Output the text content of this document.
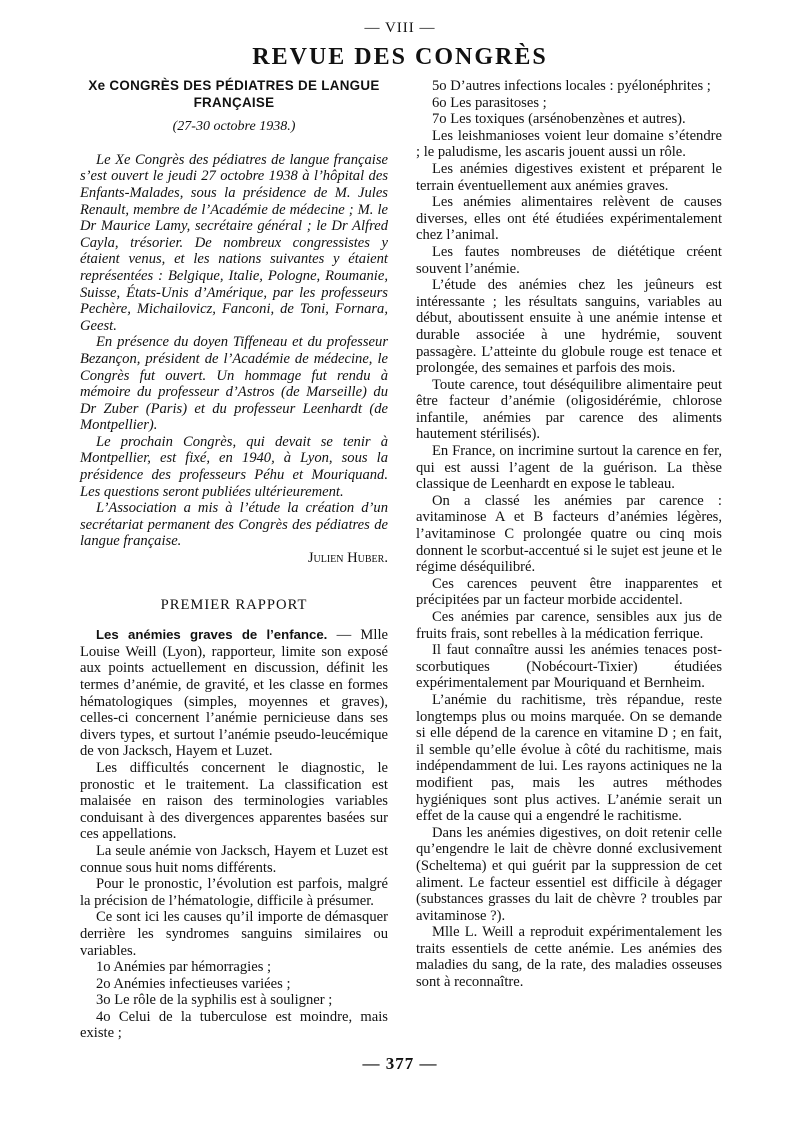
— VIII —
REVUE DES CONGRÈS
Xe CONGRÈS DES PÉDIATRES DE LANGUE FRANÇAISE
(27-30 octobre 1938.)

Le Xe Congrès des pédiatres de langue française s’est ouvert le jeudi 27 octobre 1938 à l’hôpital des Enfants-Malades, sous la présidence de M. Jules Renault, membre de l’Académie de médecine ; M. le Dr Maurice Lamy, secrétaire général ; le Dr Alfred Cayla, trésorier. De nombreux congressistes y étaient venus, et les nations suivantes y étaient représentées : Belgique, Italie, Pologne, Roumanie, Suisse, États-Unis d’Amérique, par les professeurs Pechère, Michailovicz, Fanconi, de Toni, Fornara, Geest.

En présence du doyen Tiffeneau et du professeur Bezançon, président de l’Académie de médecine, le Congrès fut ouvert. Un hommage fut rendu à mémoire du professeur d’Astros (de Marseille) du Dr Zuber (Paris) et du professeur Leenhardt (de Montpellier).

Le prochain Congrès, qui devait se tenir à Montpellier, est fixé, en 1940, à Lyon, sous la présidence des professeurs Péhu et Mouriquand. Les questions seront publiées ultérieurement.

L’Association a mis à l’étude la création d’un secrétariat permanent des Congrès des pédiatres de langue française.

Julien Huber.

PREMIER RAPPORT

Les anémies graves de l’enfance. — Mlle Louise Weill (Lyon), rapporteur, limite son exposé aux points actuellement en discussion, définit les termes d’anémie, de gravité, et les classe en formes hématologiques (simples, moyennes et graves), celles-ci concernent l’anémie pernicieuse dans ses divers types, et surtout l’anémie pseudo-leucémique de von Jacksch, Hayem et Luzet.

Les difficultés concernent le diagnostic, le pronostic et le traitement. La classification est malaisée en raison des terminologies variables conduisant à des divergences apparentes basées sur ces appellations.

La seule anémie von Jacksch, Hayem et Luzet est connue sous huit noms différents.

Pour le pronostic, l’évolution est parfois, malgré la précision de l’hématologie, difficile à présumer.

Ce sont ici les causes qu’il importe de démasquer derrière les syndromes sanguins similaires ou variables.

1o Anémies par hémorragies ;

2o Anémies infectieuses variées ;

3o Le rôle de la syphilis est à souligner ;

4o Celui de la tuberculose est moindre, mais existe ;

5o D’autres infections locales : pyélonéphrites ;

6o Les parasitoses ;

7o Les toxiques (arsénobenzènes et autres).

Les leishmanioses voient leur domaine s’étendre ; le paludisme, les ascaris jouent aussi un rôle.

Les anémies digestives existent et préparent le terrain éventuellement aux anémies graves.

Les anémies alimentaires relèvent de causes diverses, elles ont été étudiées expérimentalement chez l’animal.

Les fautes nombreuses de diététique créent souvent l’anémie.

L’étude des anémies chez les jeûneurs est intéressante ; les résultats sanguins, variables au début, aboutissent ensuite à une anémie intense et durable associée à une hydrémie, souvent passagère. L’atteinte du globule rouge est tenace et prolongée, des semaines et parfois des mois.

Toute carence, tout déséquilibre alimentaire peut être facteur d’anémie (oligosidérémie, chlorose infantile, anémies par carence des aliments hautement stérilisés).

En France, on incrimine surtout la carence en fer, qui est aussi l’agent de la guérison. La thèse classique de Leenhardt en expose le tableau.

On a classé les anémies par carence : avitaminose A et B facteurs d’anémies légères, l’avitaminose C prolongée quatre ou cinq mois donnent le scorbut-accentué si le sujet est jeune et le régime déséquilibré.

Ces carences peuvent être inapparentes et précipitées par un facteur morbide accidentel.

Ces anémies par carence, sensibles aux jus de fruits frais, sont rebelles à la médication ferrique.

Il faut connaître aussi les anémies tenaces post-scorbutiques (Nobécourt-Tixier) étudiées expérimentalement par Mouriquand et Bernheim.

L’anémie du rachitisme, très répandue, reste longtemps plus ou moins marquée. On se demande si elle dépend de la carence en vitamine D ; en fait, il semble qu’elle évolue à côté du rachitisme, mais indépendamment de lui. Les rayons actiniques ne la modifient pas, mais les autres méthodes hygiéniques sont plus actives. L’anémie serait un effet de la cause qui a engendré le rachitisme.

Dans les anémies digestives, on doit retenir celle qu’engendre le lait de chèvre donné exclusivement (Scheltema) et qui guérit par la suppression de cet aliment. Le facteur essentiel est difficile à dégager (substances grasses du lait de chèvre ? troubles par avitaminose ?).

Mlle L. Weill a reproduit expérimentalement les traits essentiels de cette anémie. Les anémies des maladies du sang, de la rate, des maladies osseuses sont à reconnaître.

— 377 —
